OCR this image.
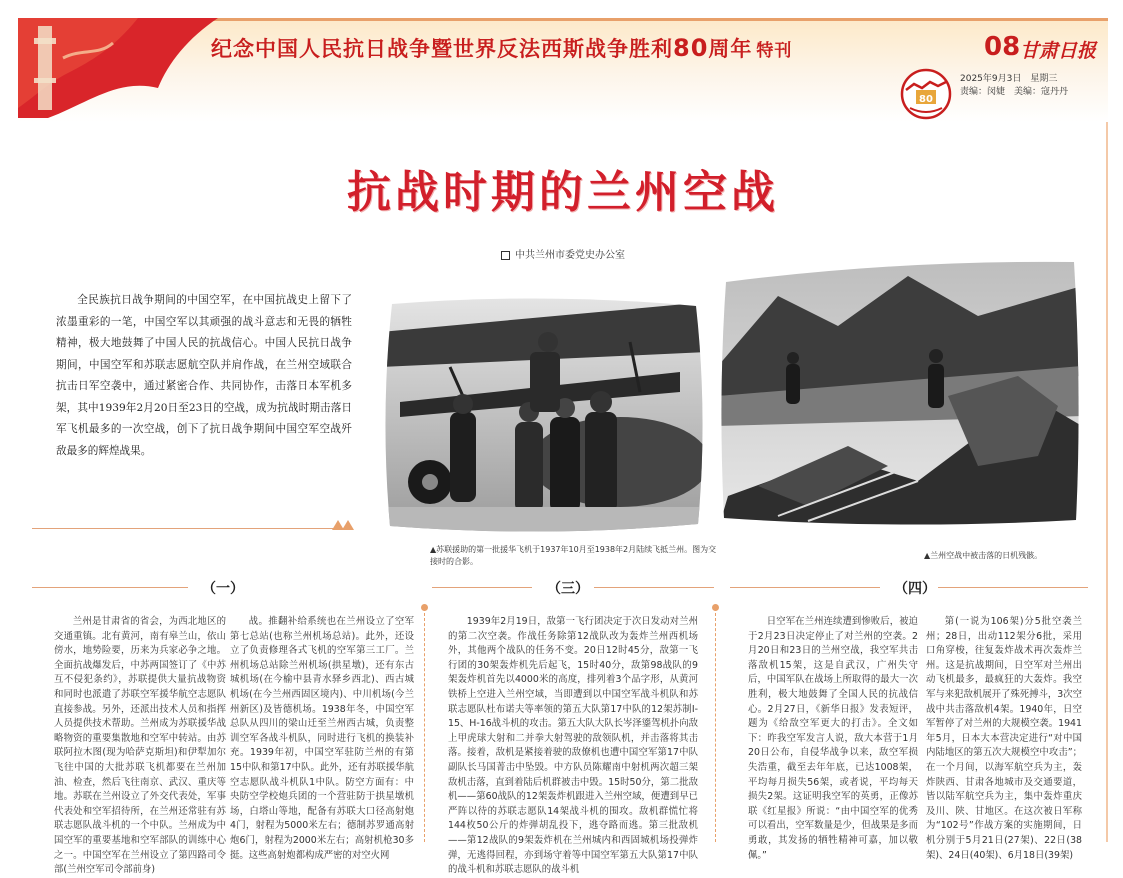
纪念中国人民抗日战争暨世界反法西斯战争胜利80周年 特刊	08 甘肃日报
80
2025年9月3日　星期三
责编：闵婕　美编：寇丹丹
抗战时期的兰州空战
中共兰州市委党史办公室

全民族抗日战争期间的中国空军，在中国抗战史上留下了浓墨重彩的一笔，中国空军以其顽强的战斗意志和无畏的牺牲精神，极大地鼓舞了中国人民的抗战信心。中国人民抗日战争期间，中国空军和苏联志愿航空队并肩作战，在兰州空域联合抗击日军空袭中，通过紧密合作、共同协作，击落日本军机多架，其中1939年2月20日至23日的空战，成为抗战时期击落日军飞机最多的一次空战，创下了抗日战争期间中国空军空战歼敌最多的辉煌战果。

▲苏联援助的第一批援华飞机于1937年10月至1938年2月陆续飞抵兰州。图为交接时的合影。
▲兰州空战中被击落的日机残骸。
（一）	（三）	（四）

兰州是甘肃省的省会，为西北地区的交通重镇。北有黄河，南有皋兰山，依山傍水，地势险要，历来为兵家必争之地。全面抗战爆发后，中苏两国签订了《中苏互不侵犯条约》，苏联提供大量抗战物资和同时也派遣了苏联空军援华航空志愿队直接参战。另外，还派出技术人员和指挥人员提供技术帮助。兰州成为苏联援华战略物资的重要集散地和空军中转站。由苏联阿拉木图(现为哈萨克斯坦)和伊犁加尔飞往中国的大批苏联飞机都要在兰州加油、检查，然后飞往南京、武汉、重庆等地。苏联在兰州设立了外交代表处，军事代表处和空军招待所，在兰州还常驻有苏联志愿队战斗机的一个中队。兰州成为中国空军的重要基地和空军部队的训练中心之一。中国空军在兰州设立了第四路司令部(兰州空军司令部前身)

战。推翻补给系统也在兰州设立了空军第七总站(也称兰州机场总站)。此外，还设立了负责修理各式飞机的空军第三工厂。兰州机场总站除兰州机场(拱星墩)，还有东古城机场(在今榆中县青水驿乡西北)、西古城机场(在今兰州西固区境内)、中川机场(今兰州新区)及皆德机场。1938年冬，中国空军总队从四川的梁山迁至兰州西古城，负责整训空军各战斗机队，同时进行飞机的换装补充。1939年初，中国空军驻防兰州的有第15中队和第17中队。此外，还有苏联援华航空志愿队战斗机队1中队。防空方面有：中央防空学校炮兵团的一个营驻防于拱星墩机场，白塔山等地，配备有苏联大口径高射炮4门，射程为5000米左右；德制苏罗通高射炮6门，射程为2000米左右；高射机枪30多挺。这些高射炮都构成严密的对空火网

1939年2月19日，敌第一飞行团决定于次日发动对兰州的第二次空袭。作战任务除第12战队改为轰炸兰州西机场外，其他两个战队的任务不变。20日12时45分，敌第一飞行团的30架轰炸机先后起飞，15时40分，敌第98战队的9架轰炸机首先以4000米的高度，排列着3个品字形，从黄河铁桥上空进入兰州空域，当即遭到以中国空军战斗机队和苏联志愿队杜布诺夫等率领的第五大队第17中队的12架苏制I-15、H-16战斗机的攻击。第五大队大队长岑泽鎏驾机扑向敌上甲虎球大射和二并拳大射驾驶的敌领队机，并击落将其击落。接着，敌机是紧接着驶的敌僚机也遭中国空军第17中队副队长马国菁击中坠毁。中方队员陈耀南中射机两次超三架敌机击落，直到着陆后机群被击中毁。15时50分，第二批敌机——第60战队的12架轰炸机跟进入兰州空域，便遭到早已严阵以待的苏联志愿队14架战斗机的围攻。敌机群慌忙将144枚50公斤的炸弹胡乱投下，逃夺路而逃。第三批敌机——第12战队的9架轰炸机在兰州城内和西固城机场投弹炸弹，无逃得回程，亦到场守着等中国空军第五大队第17中队的战斗机和苏联志愿队的战斗机

日空军在兰州连续遭到惨败后，被迫于2月23日决定停止了对兰州的空袭。2月20日和23日的兰州空战，我空军共击落敌机15架，这是自武汉，广州失守后，中国军队在战场上所取得的最大一次胜利，极大地鼓舞了全国人民的抗战信心。2月27日，《新华日报》发表短评，题为《给敌空军更大的打击》。全文如下：昨我空军发言人说，敌大本营于1月20日公布，自侵华战争以来，敌空军损失浩重，截至去年年底，已达1008架，平均每月损失56架，或者说，平均每天损失2架。这证明我空军的英勇，正像苏联《红星报》所说：“由中国空军的优秀可以看出，空军数量是少，但战果是多而勇敢，其发扬的牺牲精神可嘉，加以敬佩。”

第(一说为106架)分5批空袭兰州；28日，出动112架分6批，采用口角穿梭，往复轰炸战术再次轰炸兰州。这是抗战期间，日空军对兰州出动飞机最多，最疯狂的大轰炸。我空军与来犯敌机展开了殊死搏斗，3次空战中共击落敌机4架。1940年，日空军暂停了对兰州的大规模空袭。1941年5月，日本大本营决定进行“对中国内陆地区的第五次大规模空中攻击”；在一个月间，以海军航空兵为主，轰炸陕西、甘肃各地城市及交通要道，皆以陆军航空兵为主，集中轰炸重庆及川、陕、甘地区。在这次被日军称为“102号”作战方案的实施期间，日机分别于5月21日(27架)、22日(38架)、24日(40架)、6月18日(39架)
